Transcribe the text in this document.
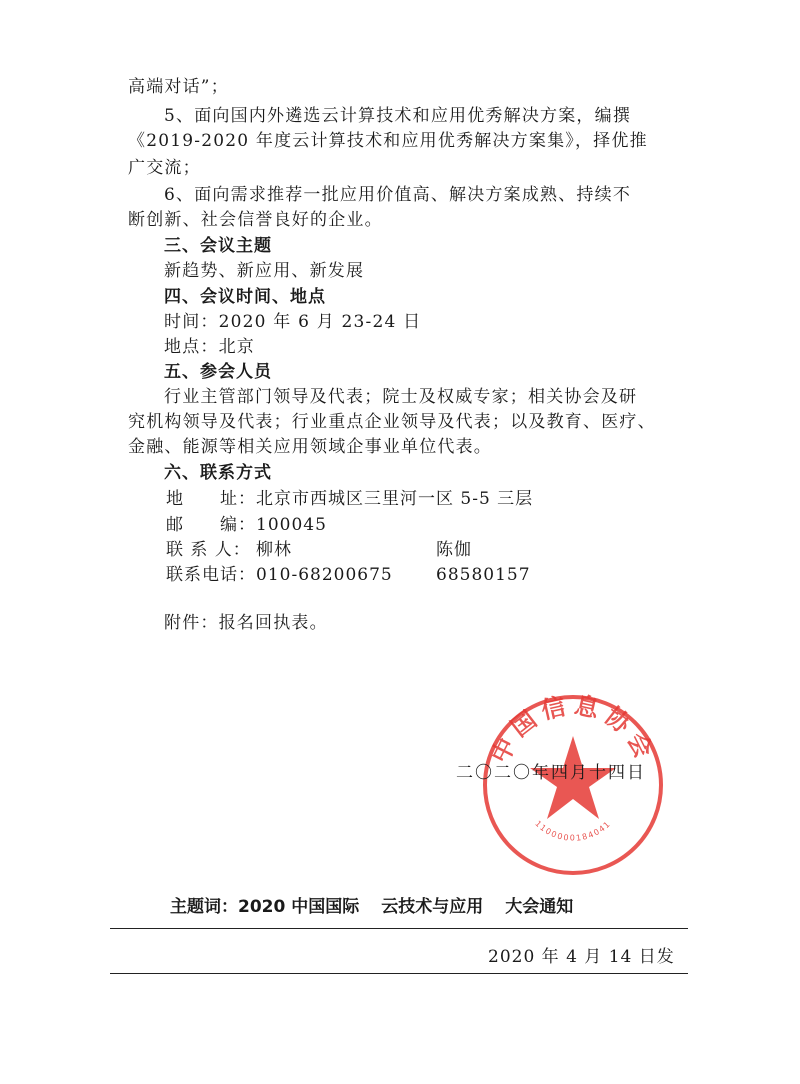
高端对话”；
5、面向国内外遴选云计算技术和应用优秀解决方案，编撰
《2019-2020 年度云计算技术和应用优秀解决方案集》，择优推
广交流；
6、面向需求推荐一批应用价值高、解决方案成熟、持续不
断创新、社会信誉良好的企业。
三、会议主题
新趋势、新应用、新发展
四、会议时间、地点
时间：2020 年 6 月 23-24 日
地点：北京
五、参会人员
行业主管部门领导及代表；院士及权威专家；相关协会及研
究机构领导及代表；行业重点企业领导及代表；以及教育、医疗、
金融、能源等相关应用领域企事业单位代表。
六、联系方式
地　　址： 北京市西城区三里河一区 5-5 三层
邮　　编： 100045
联 系 人： 柳林	陈伽
联系电话： 010-68200675	68580157
附件：报名回执表。
中国信息协会
1100000184041
二〇二〇年四月十四日
主题词：2020 中国国际 云技术与应用 大会通知
2020 年 4 月 14 日发
